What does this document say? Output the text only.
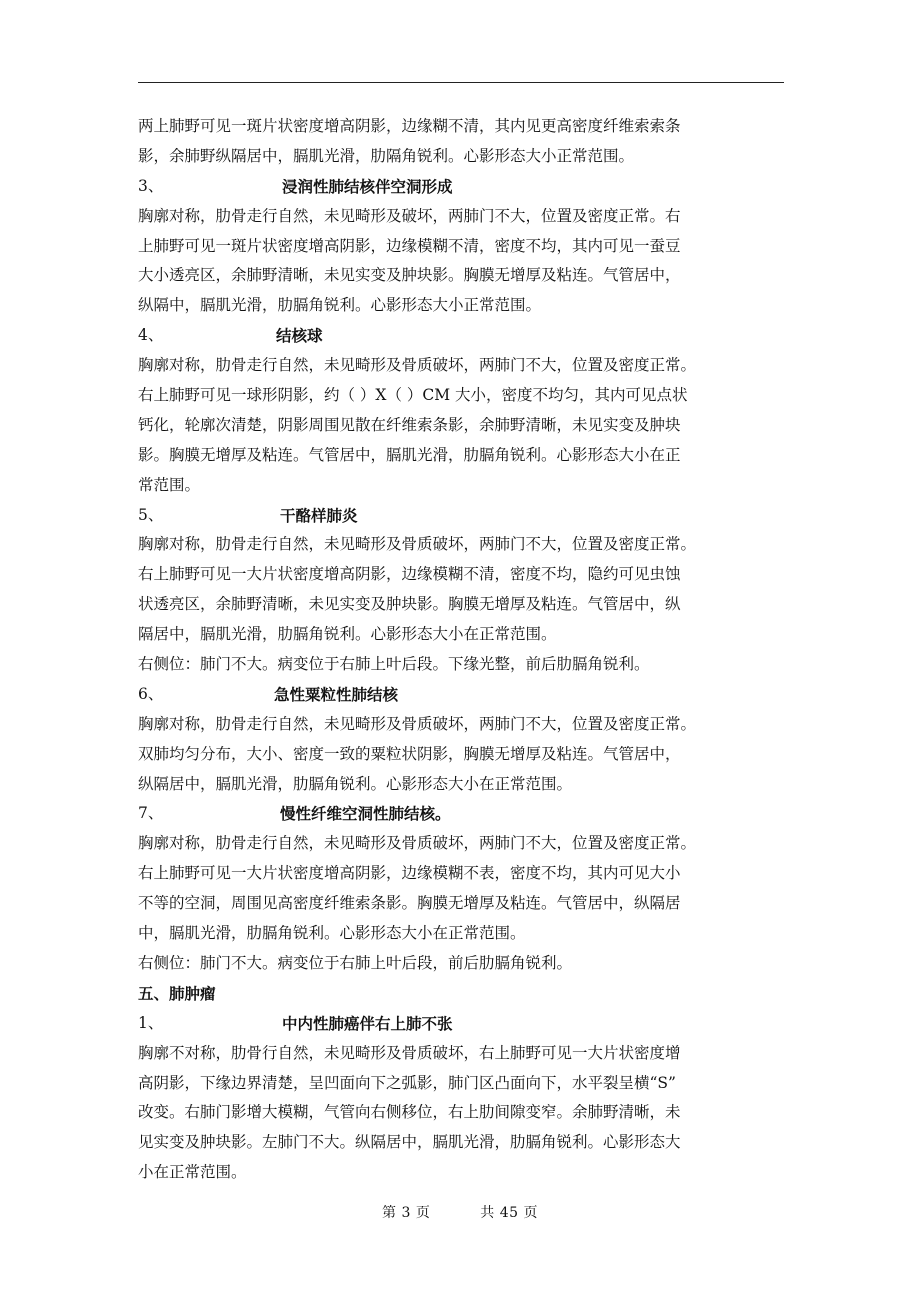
两上肺野可见一斑片状密度增高阴影，边缘糊不清，其内见更高密度纤维索索条
影，余肺野纵隔居中，膈肌光滑，肋隔角锐利。心影形态大小正常范围。
3、	浸润性肺结核伴空洞形成
胸廓对称，肋骨走行自然，未见畸形及破坏，两肺门不大，位置及密度正常。右
上肺野可见一斑片状密度增高阴影，边缘模糊不清，密度不均，其内可见一蚕豆
大小透亮区，余肺野清晰，未见实变及肿块影。胸膜无增厚及粘连。气管居中，
纵隔中，膈肌光滑，肋膈角锐利。心影形态大小正常范围。
4、	结核球
胸廓对称，肋骨走行自然，未见畸形及骨质破坏，两肺门不大，位置及密度正常。
右上肺野可见一球形阴影，约（ ）X（ ）CM 大小，密度不均匀，其内可见点状
钙化，轮廓次清楚，阴影周围见散在纤维索条影，余肺野清晰，未见实变及肿块
影。胸膜无增厚及粘连。气管居中，膈肌光滑，肋膈角锐利。心影形态大小在正
常范围。
5、	干酪样肺炎
胸廓对称，肋骨走行自然，未见畸形及骨质破坏，两肺门不大，位置及密度正常。
右上肺野可见一大片状密度增高阴影，边缘模糊不清，密度不均，隐约可见虫蚀
状透亮区，余肺野清晰，未见实变及肿块影。胸膜无增厚及粘连。气管居中，纵
隔居中，膈肌光滑，肋膈角锐利。心影形态大小在正常范围。
右侧位：肺门不大。病变位于右肺上叶后段。下缘光整，前后肋膈角锐利。
6、	急性粟粒性肺结核
胸廓对称，肋骨走行自然，未见畸形及骨质破坏，两肺门不大，位置及密度正常。
双肺均匀分布，大小、密度一致的粟粒状阴影，胸膜无增厚及粘连。气管居中，
纵隔居中，膈肌光滑，肋膈角锐利。心影形态大小在正常范围。
7、	慢性纤维空洞性肺结核。
胸廓对称，肋骨走行自然，未见畸形及骨质破坏，两肺门不大，位置及密度正常。
右上肺野可见一大片状密度增高阴影，边缘模糊不表，密度不均，其内可见大小
不等的空洞，周围见高密度纤维索条影。胸膜无增厚及粘连。气管居中，纵隔居
中，膈肌光滑，肋膈角锐利。心影形态大小在正常范围。
右侧位：肺门不大。病变位于右肺上叶后段，前后肋膈角锐利。
五、肺肿瘤
1、	中内性肺癌伴右上肺不张
胸廓不对称，肋骨行自然，未见畸形及骨质破坏，右上肺野可见一大片状密度增
高阴影，下缘边界清楚，呈凹面向下之弧影，肺门区凸面向下，水平裂呈横“S”
改变。右肺门影增大模糊，气管向右侧移位，右上肋间隙变窄。余肺野清晰，未
见实变及肿块影。左肺门不大。纵隔居中，膈肌光滑，肋膈角锐利。心影形态大
小在正常范围。
第 3 页	共 45 页
